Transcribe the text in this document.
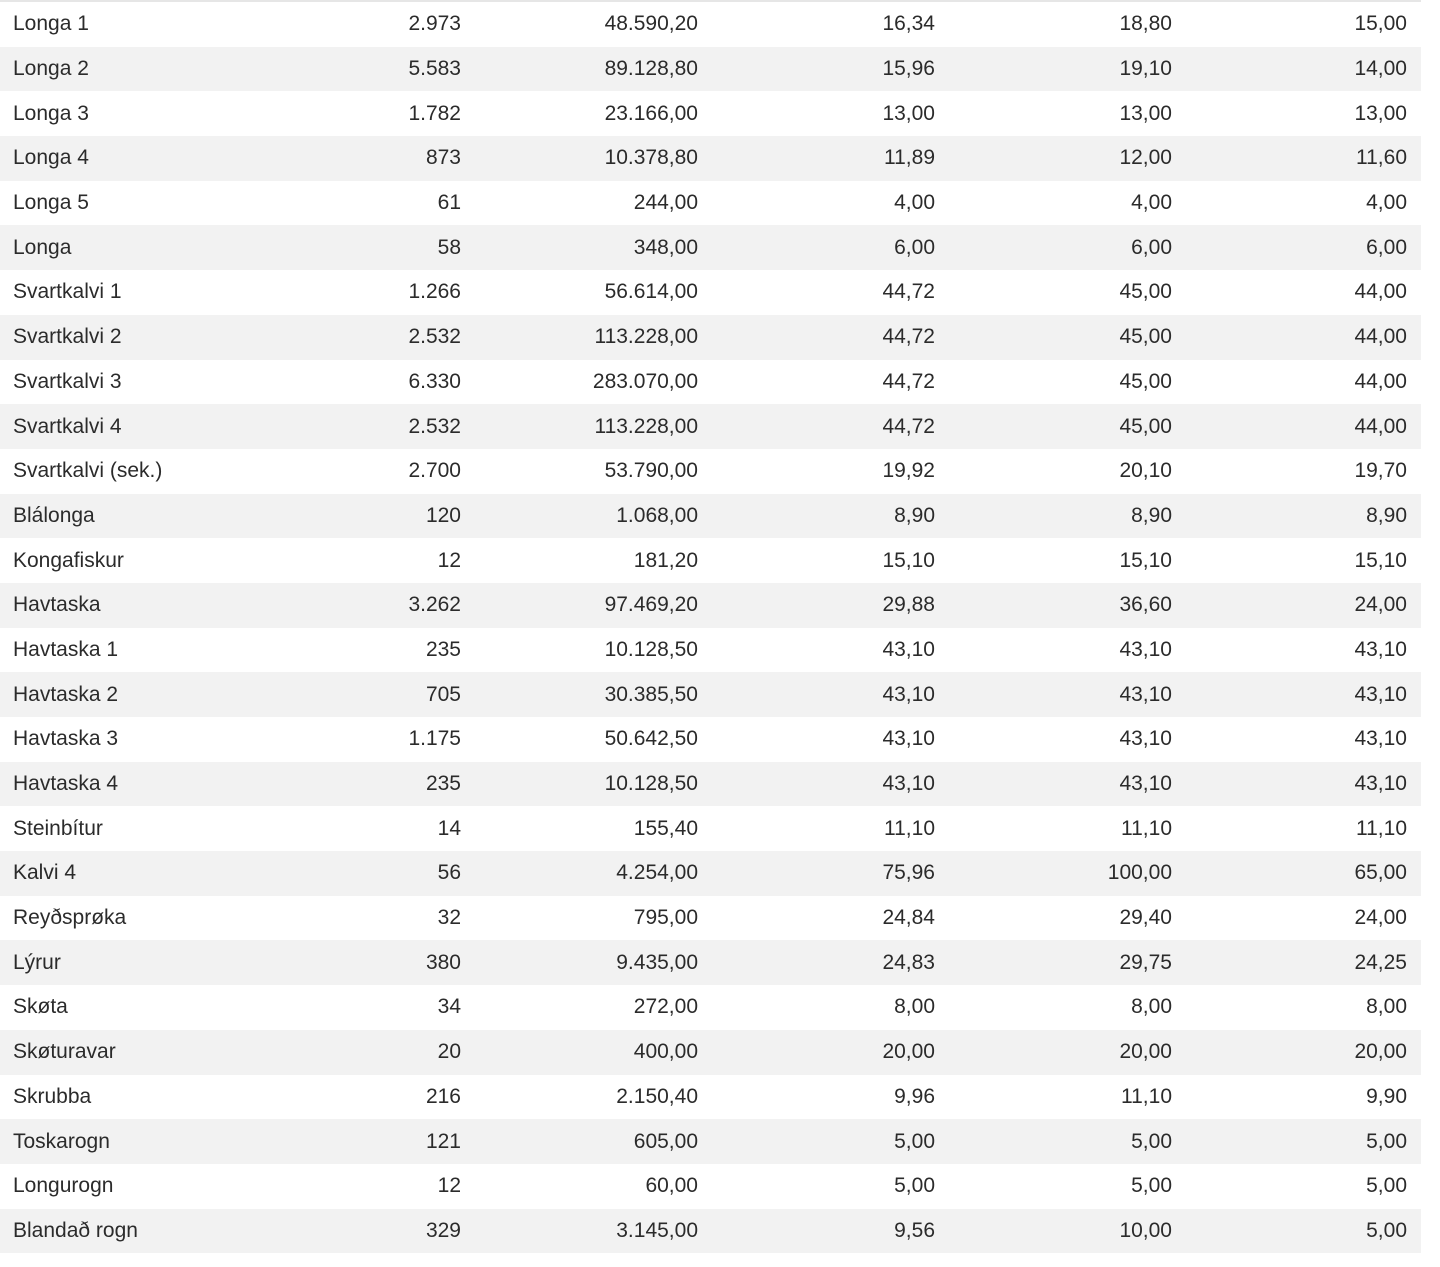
Longa 1	2.973	48.590,20	16,34	18,80	15,00
Longa 2	5.583	89.128,80	15,96	19,10	14,00
Longa 3	1.782	23.166,00	13,00	13,00	13,00
Longa 4	873	10.378,80	11,89	12,00	11,60
Longa 5	61	244,00	4,00	4,00	4,00
Longa	58	348,00	6,00	6,00	6,00
Svartkalvi 1	1.266	56.614,00	44,72	45,00	44,00
Svartkalvi 2	2.532	113.228,00	44,72	45,00	44,00
Svartkalvi 3	6.330	283.070,00	44,72	45,00	44,00
Svartkalvi 4	2.532	113.228,00	44,72	45,00	44,00
Svartkalvi (sek.)	2.700	53.790,00	19,92	20,10	19,70
Blálonga	120	1.068,00	8,90	8,90	8,90
Kongafiskur	12	181,20	15,10	15,10	15,10
Havtaska	3.262	97.469,20	29,88	36,60	24,00
Havtaska 1	235	10.128,50	43,10	43,10	43,10
Havtaska 2	705	30.385,50	43,10	43,10	43,10
Havtaska 3	1.175	50.642,50	43,10	43,10	43,10
Havtaska 4	235	10.128,50	43,10	43,10	43,10
Steinbítur	14	155,40	11,10	11,10	11,10
Kalvi 4	56	4.254,00	75,96	100,00	65,00
Reyðsprøka	32	795,00	24,84	29,40	24,00
Lýrur	380	9.435,00	24,83	29,75	24,25
Skøta	34	272,00	8,00	8,00	8,00
Skøturavar	20	400,00	20,00	20,00	20,00
Skrubba	216	2.150,40	9,96	11,10	9,90
Toskarogn	121	605,00	5,00	5,00	5,00
Longurogn	12	60,00	5,00	5,00	5,00
Blandað rogn	329	3.145,00	9,56	10,00	5,00
